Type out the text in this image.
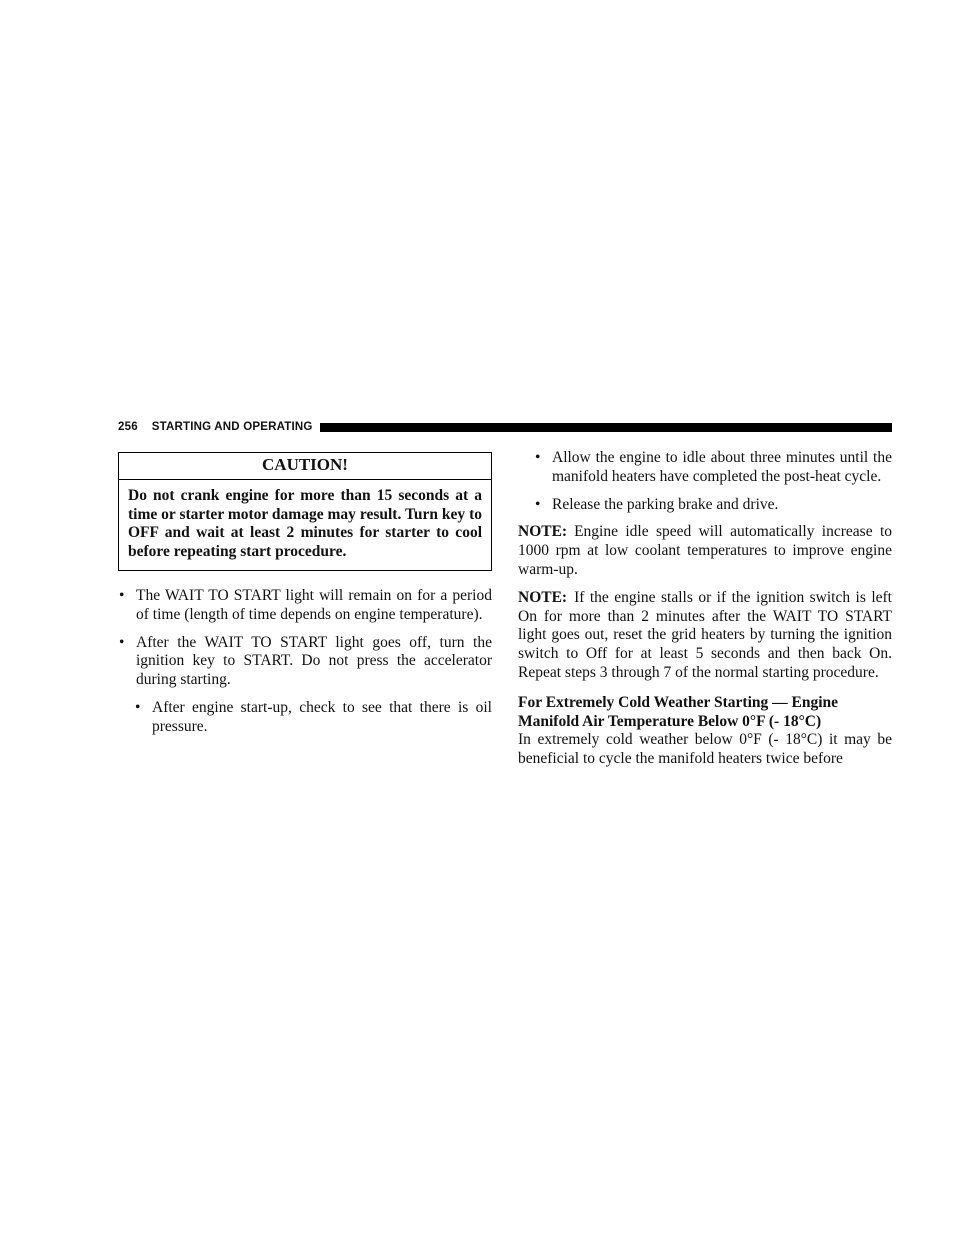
256 STARTING AND OPERATING
CAUTION!
Do not crank engine for more than 15 seconds at a time or starter motor damage may result. Turn key to OFF and wait at least 2 minutes for starter to cool before repeating start procedure.
• The WAIT TO START light will remain on for a period of time (length of time depends on engine temperature).
• After the WAIT TO START light goes off, turn the ignition key to START. Do not press the accelerator during starting.
• After engine start-up, check to see that there is oil pressure.
• Allow the engine to idle about three minutes until the manifold heaters have completed the post-heat cycle.
• Release the parking brake and drive.
NOTE: Engine idle speed will automatically increase to 1000 rpm at low coolant temperatures to improve engine warm-up.
NOTE: If the engine stalls or if the ignition switch is left On for more than 2 minutes after the WAIT TO START light goes out, reset the grid heaters by turning the ignition switch to Off for at least 5 seconds and then back On. Repeat steps 3 through 7 of the normal starting procedure.
For Extremely Cold Weather Starting — Engine Manifold Air Temperature Below 0°F (- 18°C)
In extremely cold weather below 0°F (- 18°C) it may be beneficial to cycle the manifold heaters twice before
